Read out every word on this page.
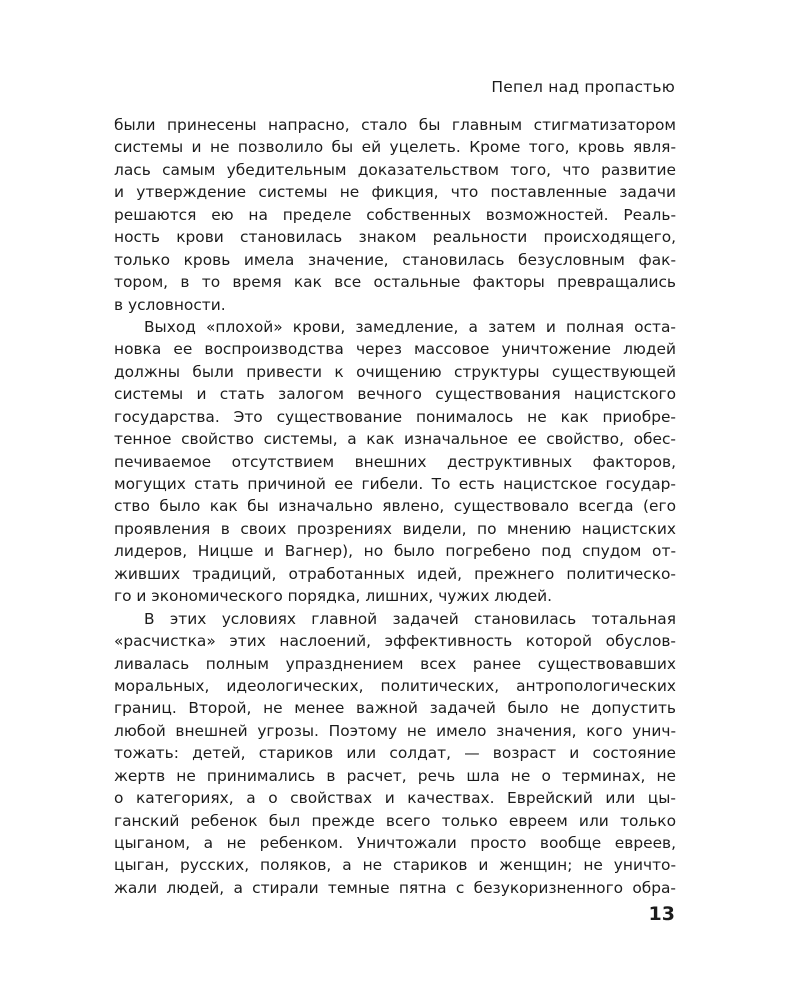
Пепел над пропастью
были принесены напрасно, стало бы главным стигматизатором
системы и не позволило бы ей уцелеть. Кроме того, кровь явля-
лась самым убедительным доказательством того, что развитие
и утверждение системы не фикция, что поставленные задачи
решаются ею на пределе собственных возможностей. Реаль-
ность крови становилась знаком реальности происходящего,
только кровь имела значение, становилась безусловным фак-
тором, в то время как все остальные факторы превращались
в условности.
Выход «плохой» крови, замедление, а затем и полная оста-
новка ее воспроизводства через массовое уничтожение людей
должны были привести к очищению структуры существующей
системы и стать залогом вечного существования нацистского
государства. Это существование понималось не как приобре-
тенное свойство системы, а как изначальное ее свойство, обес-
печиваемое отсутствием внешних деструктивных факторов,
могущих стать причиной ее гибели. То есть нацистское государ-
ство было как бы изначально явлено, существовало всегда (его
проявления в своих прозрениях видели, по мнению нацистских
лидеров, Ницше и Вагнер), но было погребено под спудом от-
живших традиций, отработанных идей, прежнего политическо-
го и экономического порядка, лишних, чужих людей.
В этих условиях главной задачей становилась тотальная
«расчистка» этих наслоений, эффективность которой обуслов-
ливалась полным упразднением всех ранее существовавших
моральных, идеологических, политических, антропологических
границ. Второй, не менее важной задачей было не допустить
любой внешней угрозы. Поэтому не имело значения, кого унич-
тожать: детей, стариков или солдат, — возраст и состояние
жертв не принимались в расчет, речь шла не о терминах, не
о категориях, а о свойствах и качествах. Еврейский или цы-
ганский ребенок был прежде всего только евреем или только
цыганом, а не ребенком. Уничтожали просто вообще евреев,
цыган, русских, поляков, а не стариков и женщин; не уничто-
жали людей, а стирали темные пятна с безукоризненного обра-
13
